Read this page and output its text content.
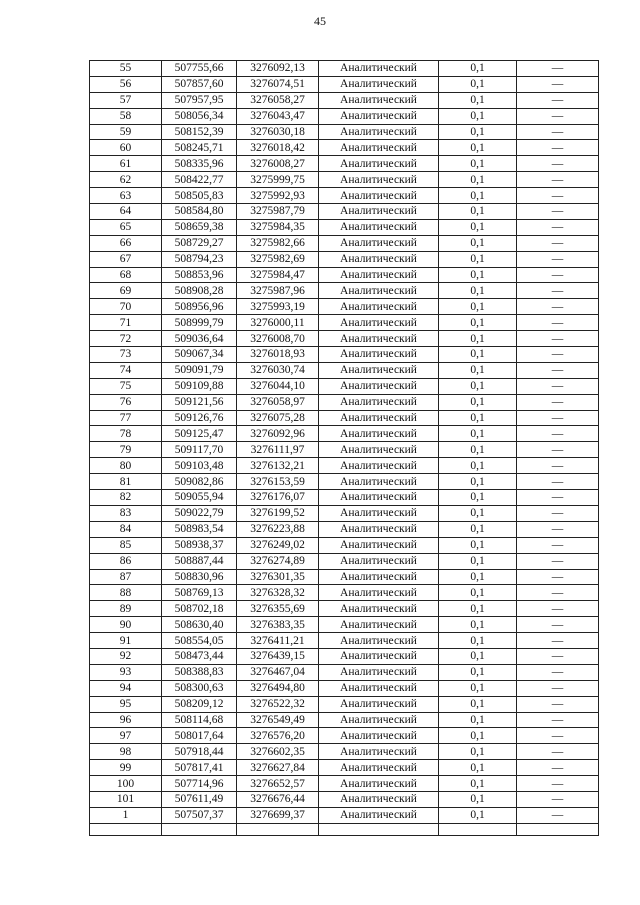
45
55	507755,66	3276092,13	Аналитический	0,1	—
56	507857,60	3276074,51	Аналитический	0,1	—
57	507957,95	3276058,27	Аналитический	0,1	—
58	508056,34	3276043,47	Аналитический	0,1	—
59	508152,39	3276030,18	Аналитический	0,1	—
60	508245,71	3276018,42	Аналитический	0,1	—
61	508335,96	3276008,27	Аналитический	0,1	—
62	508422,77	3275999,75	Аналитический	0,1	—
63	508505,83	3275992,93	Аналитический	0,1	—
64	508584,80	3275987,79	Аналитический	0,1	—
65	508659,38	3275984,35	Аналитический	0,1	—
66	508729,27	3275982,66	Аналитический	0,1	—
67	508794,23	3275982,69	Аналитический	0,1	—
68	508853,96	3275984,47	Аналитический	0,1	—
69	508908,28	3275987,96	Аналитический	0,1	—
70	508956,96	3275993,19	Аналитический	0,1	—
71	508999,79	3276000,11	Аналитический	0,1	—
72	509036,64	3276008,70	Аналитический	0,1	—
73	509067,34	3276018,93	Аналитический	0,1	—
74	509091,79	3276030,74	Аналитический	0,1	—
75	509109,88	3276044,10	Аналитический	0,1	—
76	509121,56	3276058,97	Аналитический	0,1	—
77	509126,76	3276075,28	Аналитический	0,1	—
78	509125,47	3276092,96	Аналитический	0,1	—
79	509117,70	3276111,97	Аналитический	0,1	—
80	509103,48	3276132,21	Аналитический	0,1	—
81	509082,86	3276153,59	Аналитический	0,1	—
82	509055,94	3276176,07	Аналитический	0,1	—
83	509022,79	3276199,52	Аналитический	0,1	—
84	508983,54	3276223,88	Аналитический	0,1	—
85	508938,37	3276249,02	Аналитический	0,1	—
86	508887,44	3276274,89	Аналитический	0,1	—
87	508830,96	3276301,35	Аналитический	0,1	—
88	508769,13	3276328,32	Аналитический	0,1	—
89	508702,18	3276355,69	Аналитический	0,1	—
90	508630,40	3276383,35	Аналитический	0,1	—
91	508554,05	3276411,21	Аналитический	0,1	—
92	508473,44	3276439,15	Аналитический	0,1	—
93	508388,83	3276467,04	Аналитический	0,1	—
94	508300,63	3276494,80	Аналитический	0,1	—
95	508209,12	3276522,32	Аналитический	0,1	—
96	508114,68	3276549,49	Аналитический	0,1	—
97	508017,64	3276576,20	Аналитический	0,1	—
98	507918,44	3276602,35	Аналитический	0,1	—
99	507817,41	3276627,84	Аналитический	0,1	—
100	507714,96	3276652,57	Аналитический	0,1	—
101	507611,49	3276676,44	Аналитический	0,1	—
1	507507,37	3276699,37	Аналитический	0,1	—
